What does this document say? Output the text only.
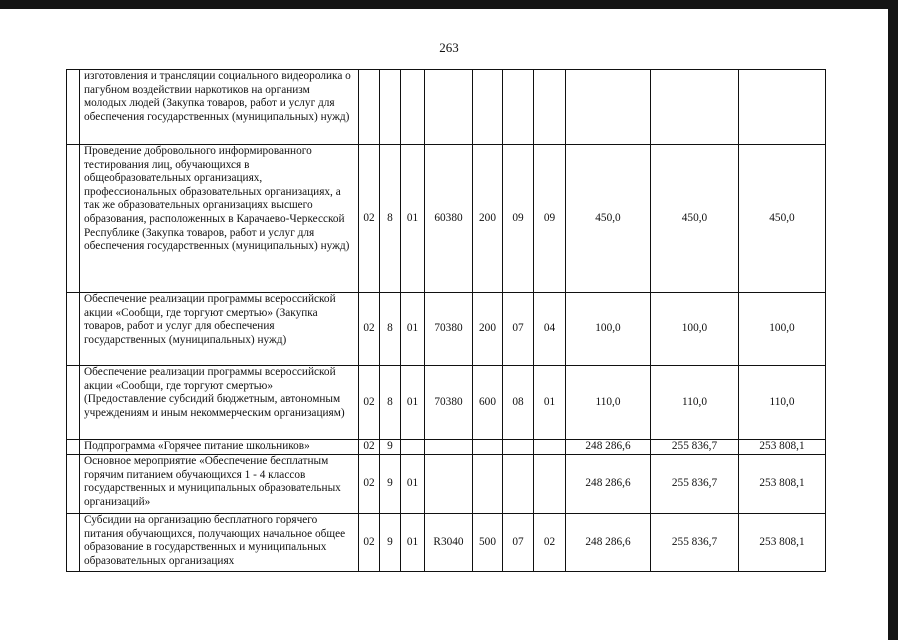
263
	изготовления и трансляции социального видеоролика о пагубном воздействии наркотиков на организм молодых людей (Закупка товаров, работ и услуг для обеспечения государственных (муниципальных) нужд)										
	Проведение добровольного информированного тестирования лиц, обучающихся в общеобразовательных организациях, профессиональных образовательных организациях, а так же образовательных организациях высшего образования, расположенных в Карачаево-Черкесской Республике (Закупка товаров, работ и услуг для обеспечения государственных (муниципальных) нужд)	02	8	01	60380	200	09	09	450,0	450,0	450,0
	Обеспечение реализации программы всероссийской акции «Сообщи, где торгуют смертью» (Закупка товаров, работ и услуг для обеспечения государственных (муниципальных) нужд)	02	8	01	70380	200	07	04	100,0	100,0	100,0
	Обеспечение реализации программы всероссийской акции «Сообщи, где торгуют смертью» (Предоставление субсидий бюджетным, автономным учреждениям и иным некоммерческим организациям)	02	8	01	70380	600	08	01	110,0	110,0	110,0
	Подпрограмма «Горячее питание школьников»	02	9						248 286,6	255 836,7	253 808,1
	Основное мероприятие «Обеспечение бесплатным горячим питанием обучающихся 1 - 4 классов государственных и муниципальных образовательных организаций»	02	9	01					248 286,6	255 836,7	253 808,1
	Субсидии на организацию бесплатного горячего питания обучающихся, получающих начальное общее образование в государственных и муниципальных образовательных организациях	02	9	01	R3040	500	07	02	248 286,6	255 836,7	253 808,1
